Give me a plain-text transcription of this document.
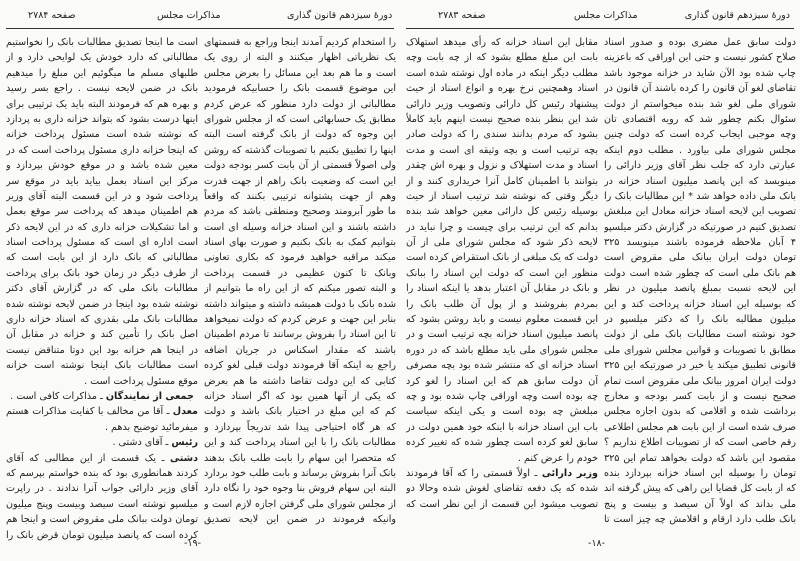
دورهٔ سیزدهم قانون گذاری
مذاکرات مجلس
صفحه ۲۷۸۳
دولت سابق عمل مضری بوده و صدور اسناد
صلاح کشور نیست و حتی این اوراقی که باعزینه
چاپ شده بود الآن شاید در خزانه موجود باشد
تقاضای لغو آن قانون را کرده باشند آن قانون در
شورای ملی لغو شد بنده میخواستم از دولت
سئوال بکنم چطور شد که رویه اقتصادی تان
وچه موجبی ایجاب کرده است که دولت چنین
مجلس شورای ملی بیاورد . مطلب دوم اینکه
عبارتی دارد که جلب نظر آقای وزیر دارائی را
مینویسد که این پانصد میلیون اسناد خزانه در
بانک ملی داده خواهد شد * این مطالبات بانک را
تصویب این لایحه اسناد خزانه معادل این مبلغش
تصدیق کنیم در صورتیکه در گزارش دکتر میلسپو
۴ آبان ملاحظه فرموده باشند مینویسد ۳۲۵
تومان دولت ایران ببانک ملی مقروض است
هم بانک ملی است که چطور شده است دولت
این لایحه نسبت بمبلغ پانصد میلیون در نظر
که بوسیله این اسناد خزانه پرداخت کند و این
میلیون مطالبه بانک را که دکتر میلسپو در
خود نوشته است مطالبات بانک ملی از دولت
مطابق با تصویبات و قوانین مجلس شورای ملی
قانونی تطبیق میکند یا خیر در صورتیکه این ۳۲۵
دولت ایران امروز ببانک ملی مقروض است تمام
صحیح نیست و از بابت کسر بودجه و مخارج
برداشت شده و اقلامی که بدون اجازه مجلس
صرف شده است از این بابت هم مجلس اطلاعی
رقم خاصی است که از تصویبات اطلاع نداریم ؟
مقصود این باشد که دولت بخواهد تمام این ۳۲۵
تومان را بوسیله این اسناد خزانه بپردازد بنده
که از بابت کل قضایا این راهی که پیش گرفته اند
ملی بداند که اولاً آن سیصد و بیست و پنج
بانک طلب دارد ارقام و اقلامش چه چیز است تا
مقابل این اسناد خزانه که رأی میدهد استهلاک
بابت این مبلغ مطلع بشود که از چه بابت وچه
مطلب دیگر اینکه در ماده اول نوشته شده است
اسناد وهمچنین نرخ بهره و انواع اسناد از حیث
پیشنهاد رئیس کل دارائی وتصویب وزیر دارائی
شد این بنظر بنده صحیح نیست اینهم باید کاملاً
بشود که مردم بدانند سندی را که دولت صادر
بچه ترتیب است و بچه وثیقه ای است و مدت
اسناد و مدت استهلاک و نزول و بهره اش چقدر
بتوانند با اطمینان کامل آنرا خریداری کنند و از
دیگر وقتی که نوشته شد ترتیب اسناد از حیث
بوسیله رئیس کل دارائی معین خواهد شد بنده
بدانم که این ترتیب برای چیست و چرا نباید در
لایحه ذکر شود که مجلس شورای ملی از آن
دولت که یک مبلغی از بانک استقراض کرده است
منظور این است که دولت این اسناد را ببانک
و بانک در مقابل آن اعتبار بدهد یا اینکه اسناد را
بمردم بفروشند و از پول آن طلب بانک را
این قسمت معلوم نیست و باید روشن بشود که
پانصد میلیون اسناد خزانه بچه ترتیب است و در
مجلس شورای ملی باید مطلع باشد که در دوره
اسناد خزانه ای که منتشر شده بود بچه مصرفی
آن دولت سابق هم که این اسناد را لغو کرد
چه بوده است وچه اوراقی چاپ شده بود و چه
مبلغش چه بوده است و یکی اینکه سیاست
باب این اسناد خزانه با اینکه خود همین دولت در
سابق لغو کرده است چطور شده که تغییر کرده
خودم را عرض کنم .
وزیر دارائی ـ اولاً قسمتی را که آقا فرمودند
شده که یک دفعه تقاضای لغوش شده وحالا دو
تصویب میشود این قسمت از این نظر است که
-۱۸-
دورهٔ سیزدهم قانون گذاری
مذاکرات مجلس
صفحه ۲۷۸۴
را استخدام کردیم آمدند اینجا وراجع به قسمتهای
یک نظریاتی اظهار میکنند و البته از روی یک
است و ما هم بعد این مسائل را بعرض مجلس
این موضوع قسمت بانک را حسابیکه فرمودید
مطالباتی از دولت دارد منظور که عرض کردم
مطابق یک حسابهائی است که از مجلس شورای
این وجوه که دولت از بانک گرفته است البته
اینها را تطبیق بکنیم با تصویبات گذشته که روشن
ولی اصولاً قسمتی از آن بابت کسر بودجه دولت
این است که وضعیت بانک راهم از جهت قدرت
وهم از جهت پشتوانه ترتیبی بکنند که واقعاً
ما طور آبرومند وصحیح ومنطقی باشد که مردم
داشته باشند و این اسناد خزانه وسیله ای است
بتوانیم کمک به بانک بکنیم و صورت بهای اسناد
میکند مراقبه خواهید فرمود که بکاری تعاونی
وبانک تا کنون عظیمی در قسمت پرداخت
و البته تصور میکنم که از این راه ما بتوانیم از
شده بانک با دولت همیشه داشته و میتواند داشته
بنابر این جهت و عرض کردم که دولت نمیخواهد
تا این اسناد را بفروش برسانند تا مردم اطمینان
باشند که مقدار اسکناس در جریان اضافه
راجع به اینکه آقا فرمودند دولت قبلی لغو کرده
کتابی که این دولت تقاضا داشته ما هم بعرض
که یکی از آنها همین بود که اگر اسناد خزانه
کم که این مبلغ در اختیار بانک باشد و دولت
که هر گاه احتیاجی پیدا شد تدریجاً بپردازد و
مطالبات بانک را با این اسناد پرداخت کند و این
که متحصرا این سهام را بابت طلب بانک بدهند
بانک آنرا بفروش برساند و بابت طلب خود بردارد
البته این سهام فروش بنا وجوه خود را نگاه دارد
از مجلس شورای ملی گرفتن اجازه لازم است و
وانیکه فرمودند در ضمن این لایحه تصدیق
است ما اینجا تصدیق مطالبات بانک را نخواستیم
مطالباتی که دارد خودش یک لوایحی دارد و از
طلبهای مسلم ما میگوئیم این مبلغ را میدهیم
بانک در ضمن لایحه نیست . راجع بسر رسید
و بهره هم که فرمودند البته باید یک ترتیبی برای
اینها درست بشود که بتواند خزانه داری به پردازد
که نوشته شده است مسئول پرداخت خزانه
که اینجا خزانه داری مسئول پرداخت است که در
معین شده باشد و در موقع خودش بپردازد و
مرکز این اسناد بعمل بیاید باید در موقع سر
پرداخت شود و در این قسمت البته آقای وزیر
هم اطمینان میدهد که پرداخت سر موقع بعمل
و اما تشکیلات خزانه داری که در این لایحه ذکر
است اداره ای است که مسئول پرداخت اسناد
مطالباتی که بانک دارد از این بابت است که
از طرف دیگر در زمان خود بانک برای پرداخت
مطالبات بانک ملی که در گزارش آقای دکتر
نوشته شده بود اینجا در ضمن لایحه نوشته شده
مطالبات بانک ملی بقدری که اسناد خزانه داری
اصل بانک را تأمین کند و خزانه در مقابل آن
در اینجا هم خزانه بود این دوتا متناقض نیست
است مطالبات بانک اینجا نوشته است خزانه
موقع مسئول پرداخت است .
جمعی از نمایندگان ـ مذاکرات کافی است .
معدل ـ آقا من مخالف با کفایت مذاکرات هستم
میفرمائید توضیح بدهم .
رئیس ـ آقای دشتی .
دشتی ـ یک قسمت از این مطالبی که آقای
کردند همانطوری بود که بنده خواستم بپرسم که
آقای وزیر دارائی جواب آنرا ندادند . در راپرت
میلسپو نوشته است سیصد وبیست وپنج میلیون
تومان دولت ببانک ملی مقروض است و اینجا هم
کرده است که پانصد میلیون تومان قرض بانک را
-۱۹-
